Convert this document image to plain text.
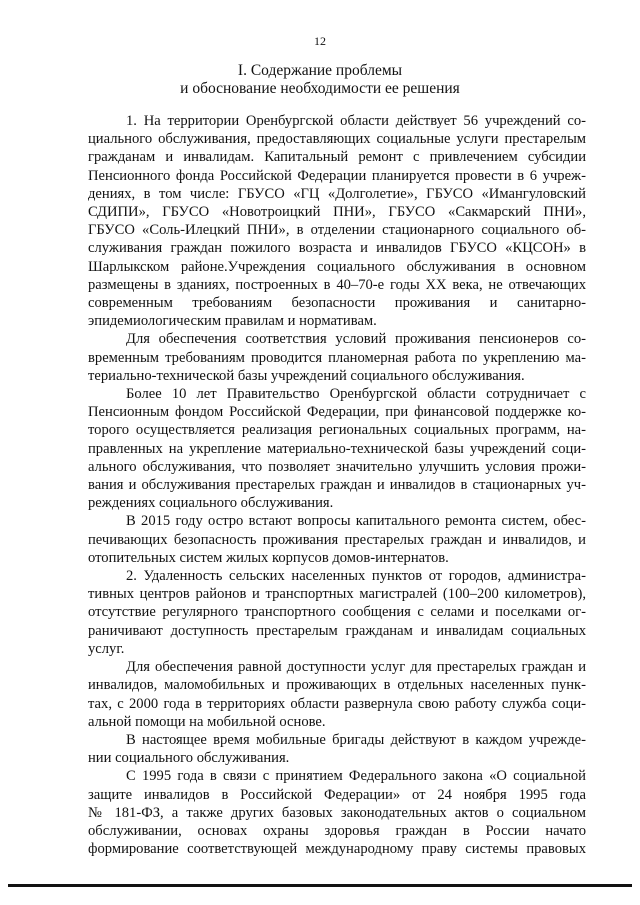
12
I. Содержание проблемы
и обоснование необходимости ее решения
1. На территории Оренбургской области действует 56 учреждений со-
циального обслуживания, предоставляющих социальные услуги престарелым
гражданам и инвалидам. Капитальный ремонт с привлечением субсидии
Пенсионного фонда Российской Федерации планируется провести в 6 учреж-
дениях, в том числе: ГБУСО «ГЦ «Долголетие», ГБУСО «Имангуловский
СДИПИ», ГБУСО «Новотроицкий ПНИ», ГБУСО «Сакмарский ПНИ»,
ГБУСО «Соль-Илецкий ПНИ», в отделении стационарного социального об-
служивания граждан пожилого возраста и инвалидов ГБУСО «КЦСОН» в
Шарлыкском районе.Учреждения социального обслуживания в основном
размещены в зданиях, построенных в 40–70-е годы XX века, не отвечающих
современным требованиям безопасности проживания и санитарно-
эпидемиологическим правилам и нормативам.
Для обеспечения соответствия условий проживания пенсионеров со-
временным требованиям проводится планомерная работа по укреплению ма-
териально-технической базы учреждений социального обслуживания.
Более 10 лет Правительство Оренбургской области сотрудничает с
Пенсионным фондом Российской Федерации, при финансовой поддержке ко-
торого осуществляется реализация региональных социальных программ, на-
правленных на укрепление материально-технической базы учреждений соци-
ального обслуживания, что позволяет значительно улучшить условия прожи-
вания и обслуживания престарелых граждан и инвалидов в стационарных уч-
реждениях социального обслуживания.
В 2015 году остро встают вопросы капитального ремонта систем, обес-
печивающих безопасность проживания престарелых граждан и инвалидов, и
отопительных систем жилых корпусов домов-интернатов.
2. Удаленность сельских населенных пунктов от городов, администра-
тивных центров районов и транспортных магистралей (100–200 километров),
отсутствие регулярного транспортного сообщения с селами и поселками ог-
раничивают доступность престарелым гражданам и инвалидам социальных
услуг.
Для обеспечения равной доступности услуг для престарелых граждан и
инвалидов, маломобильных и проживающих в отдельных населенных пунк-
тах, с 2000 года в территориях области развернула свою работу служба соци-
альной помощи на мобильной основе.
В настоящее время мобильные бригады действуют в каждом учрежде-
нии социального обслуживания.
С 1995 года в связи с принятием Федерального закона «О социальной
защите инвалидов в Российской Федерации» от 24 ноября 1995 года
№ 181-ФЗ, а также других базовых законодательных актов о социальном
обслуживании, основах охраны здоровья граждан в России начато
формирование соответствующей международному праву системы правовых
